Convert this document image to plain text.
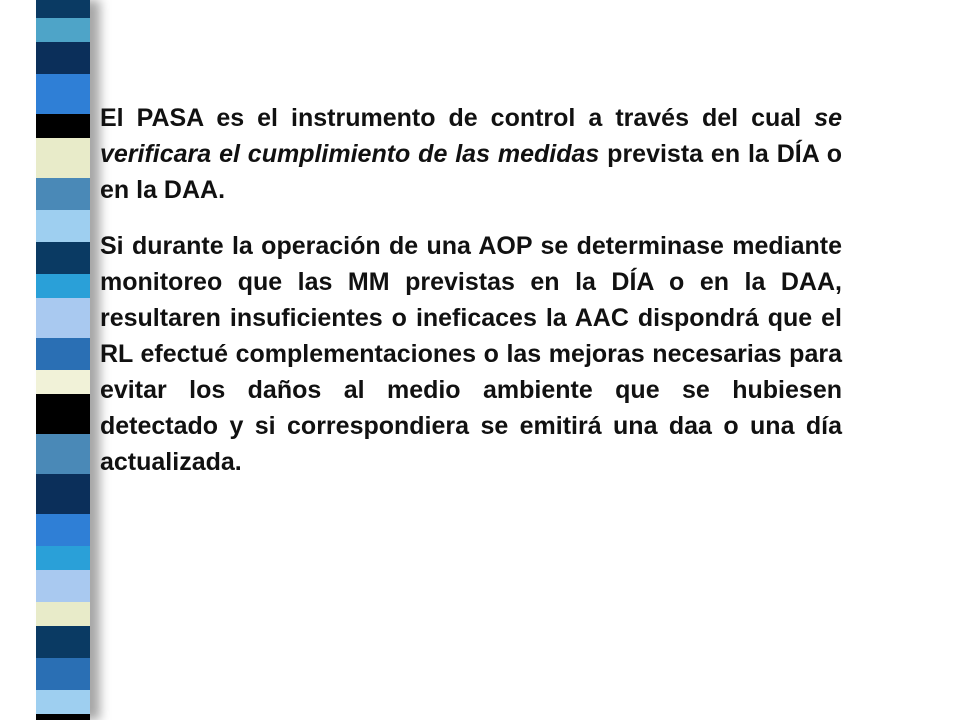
El PASA es el instrumento de control a través del cual se verificara el cumplimiento de las medidas prevista en la DÍA o en la DAA.

Si durante la operación de una AOP se determinase mediante monitoreo que las MM previstas en la DÍA o en la DAA, resultaren insuficientes o ineficaces la AAC dispondrá que el RL efectué complementaciones o las mejoras necesarias para evitar los daños al medio ambiente que se hubiesen detectado y si correspondiera se emitirá una daa o una día actualizada.
